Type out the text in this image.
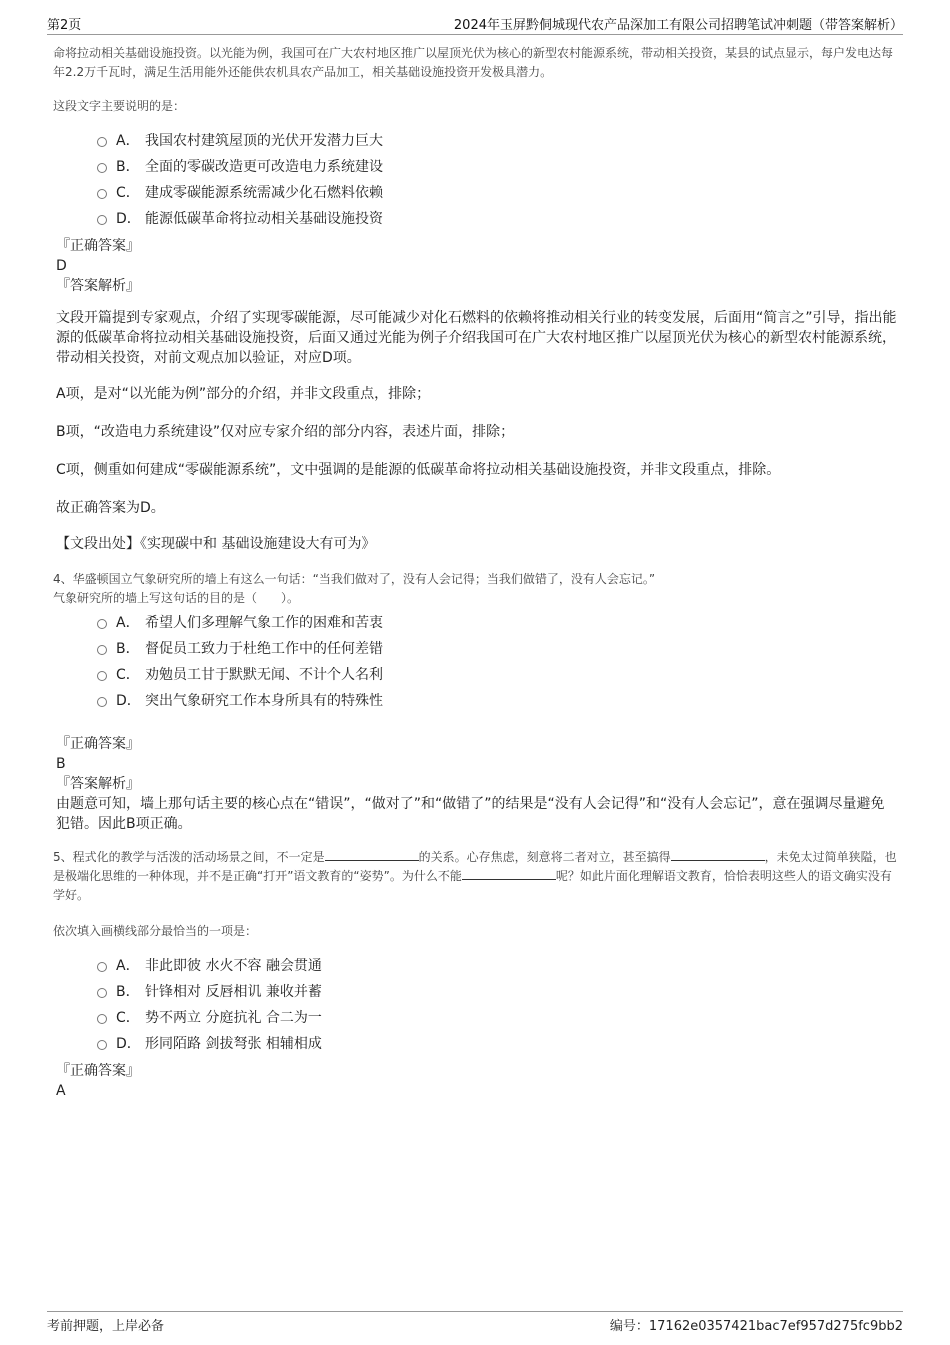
第2页	2024年玉屏黔侗城现代农产品深加工有限公司招聘笔试冲刺题（带答案解析）

命将拉动相关基础设施投资。以光能为例，我国可在广大农村地区推广以屋顶光伏为核心的新型农村能源系统，带动相关投资，某县的试点显示，每户发电达每年2.2万千瓦时，满足生活用能外还能供农机具农产品加工，相关基础设施投资开发极具潜力。

这段文字主要说明的是：

A． 我国农村建筑屋顶的光伏开发潜力巨大
B． 全面的零碳改造更可改造电力系统建设
C． 建成零碳能源系统需减少化石燃料依赖
D． 能源低碳革命将拉动相关基础设施投资

『正确答案』

D

『答案解析』

文段开篇提到专家观点，介绍了实现零碳能源，尽可能减少对化石燃料的依赖将推动相关行业的转变发展，后面用“简言之”引导，指出能源的低碳革命将拉动相关基础设施投资，后面又通过光能为例子介绍我国可在广大农村地区推广以屋顶光伏为核心的新型农村能源系统，带动相关投资，对前文观点加以验证，对应D项。

A项，是对“以光能为例”部分的介绍，并非文段重点，排除；

B项，“改造电力系统建设”仅对应专家介绍的部分内容，表述片面，排除；

C项，侧重如何建成“零碳能源系统”，文中强调的是能源的低碳革命将拉动相关基础设施投资，并非文段重点，排除。

故正确答案为D。

【文段出处】《实现碳中和 基础设施建设大有可为》

4、华盛顿国立气象研究所的墙上有这么一句话：“当我们做对了，没有人会记得；当我们做错了，没有人会忘记。”

气象研究所的墙上写这句话的目的是（　　）。

A． 希望人们多理解气象工作的困难和苦衷
B． 督促员工致力于杜绝工作中的任何差错
C． 劝勉员工甘于默默无闻、不计个人名利
D． 突出气象研究工作本身所具有的特殊性

『正确答案』

B

『答案解析』

由题意可知，墙上那句话主要的核心点在“错误”，“做对了”和“做错了”的结果是“没有人会记得”和“没有人会忘记”，意在强调尽量避免犯错。因此B项正确。

5、程式化的教学与活泼的活动场景之间，不一定是	的关系。心存焦虑，刻意将二者对立，甚至搞得	，未免太过简单狭隘，也是极端化思维的一种体现，并不是正确“打开”语文教育的“姿势”。为什么不能	呢？如此片面化理解语文教育，恰恰表明这些人的语文确实没有学好。

依次填入画横线部分最恰当的一项是：

A． 非此即彼 水火不容 融会贯通
B． 针锋相对 反唇相讥 兼收并蓄
C． 势不两立 分庭抗礼 合二为一
D． 形同陌路 剑拔弩张 相辅相成

『正确答案』

A

考前押题，上岸必备	编号：17162e0357421bac7ef957d275fc9bb2
